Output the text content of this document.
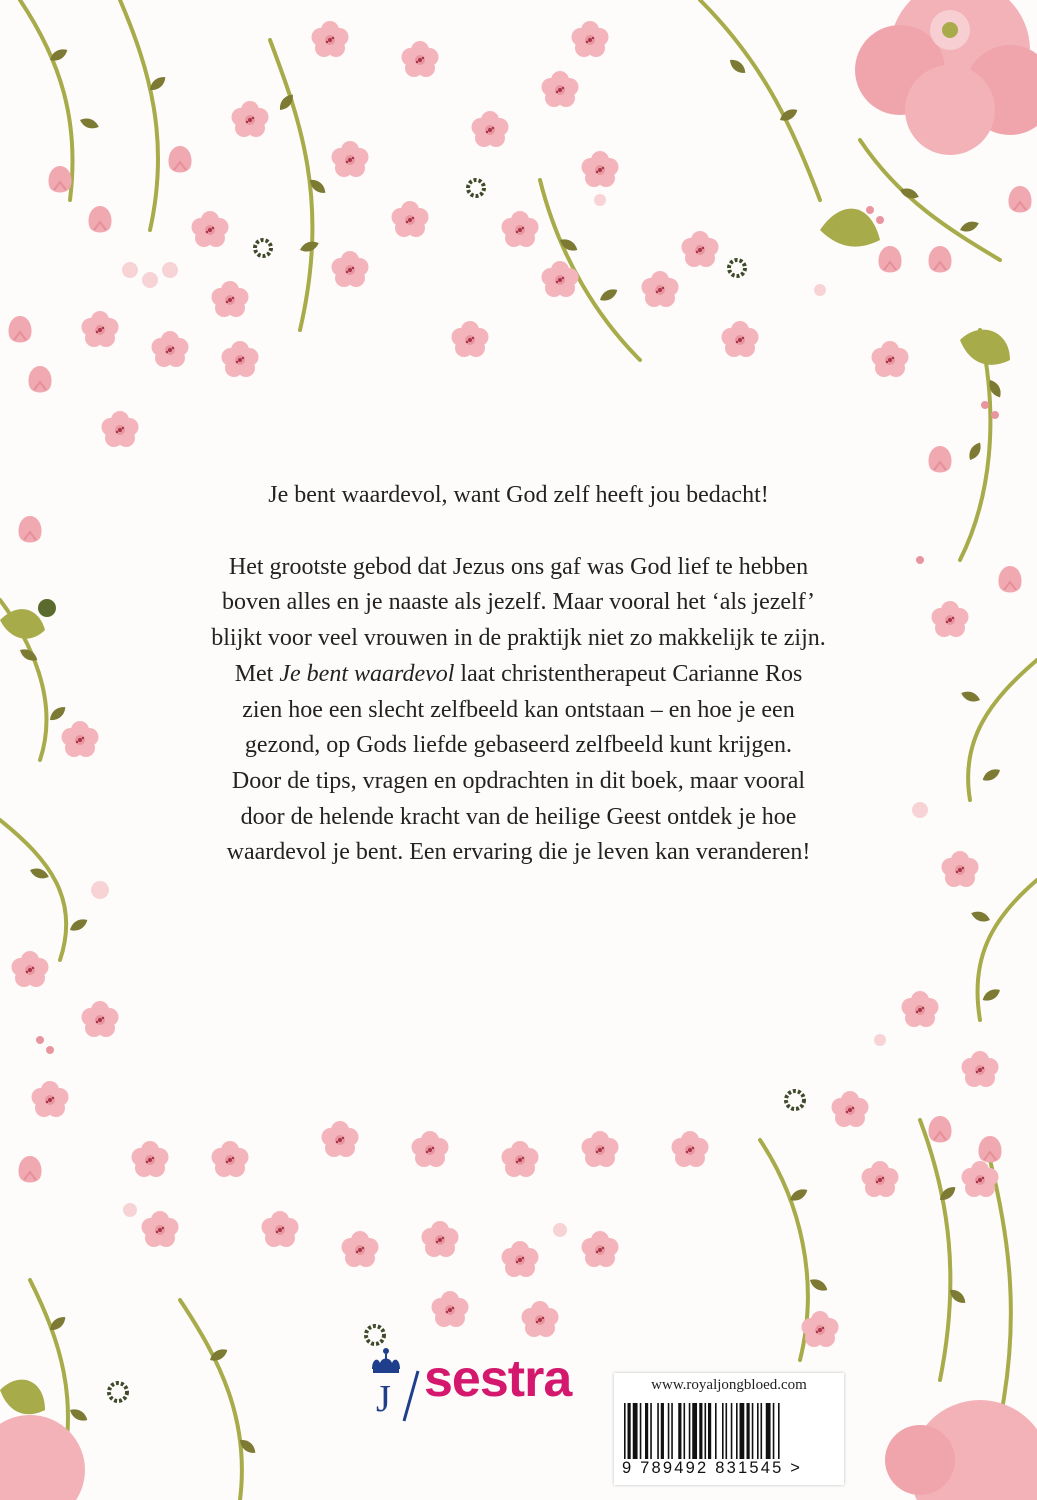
Je bent waardevol, want God zelf heeft jou bedacht!

Het grootste gebod dat Jezus ons gaf was God lief te hebben

boven alles en je naaste als jezelf. Maar vooral het ‘als jezelf’

blijkt voor veel vrouwen in de praktijk niet zo makkelijk te zijn.

Met Je bent waardevol laat christentherapeut Carianne Ros

zien hoe een slecht zelfbeeld kan ontstaan – en hoe je een

gezond, op Gods liefde gebaseerd zelfbeeld kunt krijgen.

Door de tips, vragen en opdrachten in dit boek, maar vooral

door de helende kracht van de heilige Geest ontdek je hoe

waardevol je bent. Een ervaring die je leven kan veranderen!

J sestra	www.royaljongbloed.com
9 789492 831545 >
